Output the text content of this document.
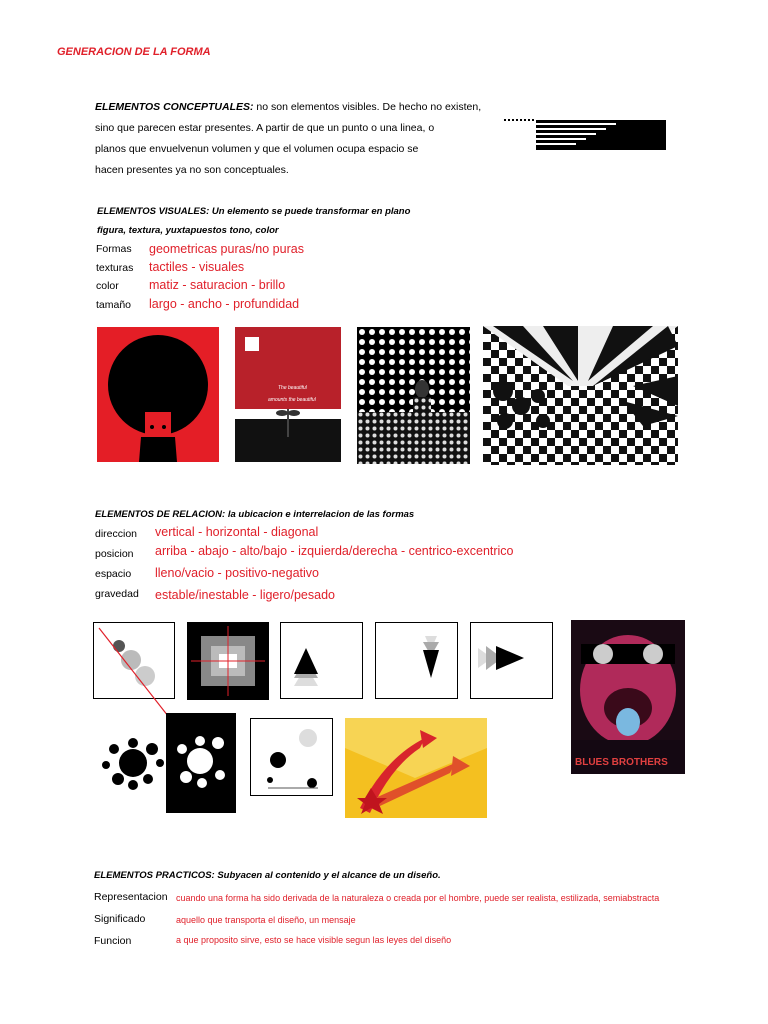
GENERACION DE LA FORMA
ELEMENTOS CONCEPTUALES: no son elementos visibles. De hecho no existen,
sino que parecen estar presentes. A partir de que un punto o una linea, o
planos que envuelvenun volumen y que el volumen ocupa espacio se
hacen presentes ya no son conceptuales.
ELEMENTOS VISUALES: Un elemento se puede transformar en plano
figura, textura, yuxtapuestos tono, color
Formas geometricas puras/no puras
texturas tactiles - visuales
color matiz - saturacion - brillo
tamaño largo - ancho - profundidad
The beautiful
amounts the beautiful
ELEMENTOS DE RELACION: la ubicacion e interrelacion de las formas
direccion vertical - horizontal - diagonal
posicion arriba - abajo - alto/bajo - izquierda/derecha - centrico-excentrico
espacio lleno/vacio - positivo-negativo
gravedad estable/inestable - ligero/pesado
BLUES BROTHERS
ELEMENTOS PRACTICOS: Subyacen al contenido y el alcance de un diseño.
Representacion cuando una forma ha sido derivada de la naturaleza o creada por el hombre, puede ser realista, estilizada, semiabstracta
Significado	aquello que transporta el diseño, un mensaje
Funcion	a que proposito sirve, esto se hace visible segun las leyes del diseño
